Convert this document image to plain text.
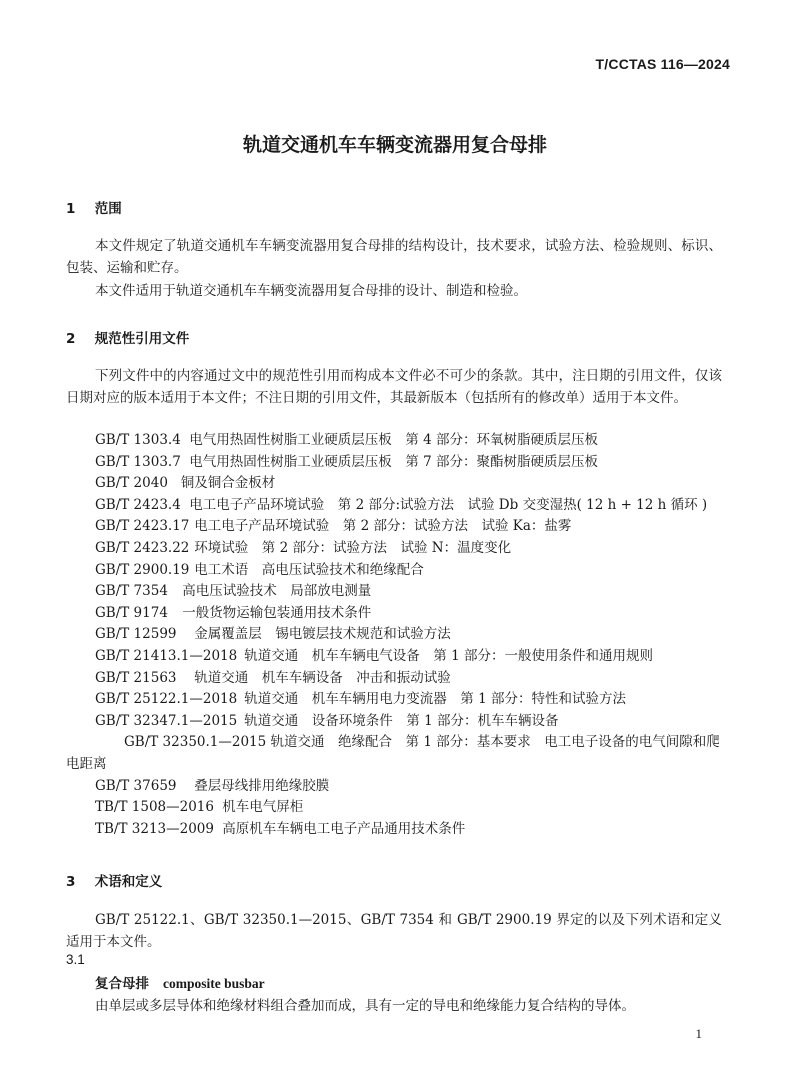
T/CCTAS 116—2024
轨道交通机车车辆变流器用复合母排
1 范围

本文件规定了轨道交通机车车辆变流器用复合母排的结构设计，技术要求，试验方法、检验规则、标识、包装、运输和贮存。

本文件适用于轨道交通机车车辆变流器用复合母排的设计、制造和检验。

2 规范性引用文件

下列文件中的内容通过文中的规范性引用而构成本文件必不可少的条款。其中，注日期的引用文件，仅该日期对应的版本适用于本文件；不注日期的引用文件，其最新版本（包括所有的修改单）适用于本文件。

GB/T 1303.4 电气用热固性树脂工业硬质层压板　第 4 部分：环氧树脂硬质层压板
GB/T 1303.7 电气用热固性树脂工业硬质层压板　第 7 部分：聚酯树脂硬质层压板
GB/T 2040 铜及铜合金板材
GB/T 2423.4 电工电子产品环境试验　第 2 部分:试验方法　试验 Db 交变湿热( 12 h + 12 h 循环 )
GB/T 2423.17 电工电子产品环境试验　第 2 部分：试验方法　试验 Ka：盐雾
GB/T 2423.22 环境试验　第 2 部分：试验方法　试验 N：温度变化
GB/T 2900.19 电工术语　高电压试验技术和绝缘配合
GB/T 7354 高电压试验技术　局部放电测量
GB/T 9174 一般货物运输包装通用技术条件
GB/T 12599 金属覆盖层　锡电镀层技术规范和试验方法
GB/T 21413.1—2018 轨道交通　机车车辆电气设备　第 1 部分：一般使用条件和通用规则
GB/T 21563 轨道交通　机车车辆设备　冲击和振动试验
GB/T 25122.1—2018 轨道交通　机车车辆用电力变流器　第 1 部分：特性和试验方法
GB/T 32347.1—2015 轨道交通　设备环境条件　第 1 部分：机车车辆设备
GB/T 32350.1—2015 轨道交通　绝缘配合　第 1 部分：基本要求　电工电子设备的电气间隙和爬电距离
GB/T 37659 叠层母线排用绝缘胶膜
TB/T 1508—2016 机车电气屏柜
TB/T 3213—2009 高原机车车辆电工电子产品通用技术条件
3 术语和定义

GB/T 25122.1、GB/T 32350.1—2015、GB/T 7354 和 GB/T 2900.19 界定的以及下列术语和定义适用于本文件。

3.1

复合母排 composite busbar

由单层或多层导体和绝缘材料组合叠加而成，具有一定的导电和绝缘能力复合结构的导体。

1
